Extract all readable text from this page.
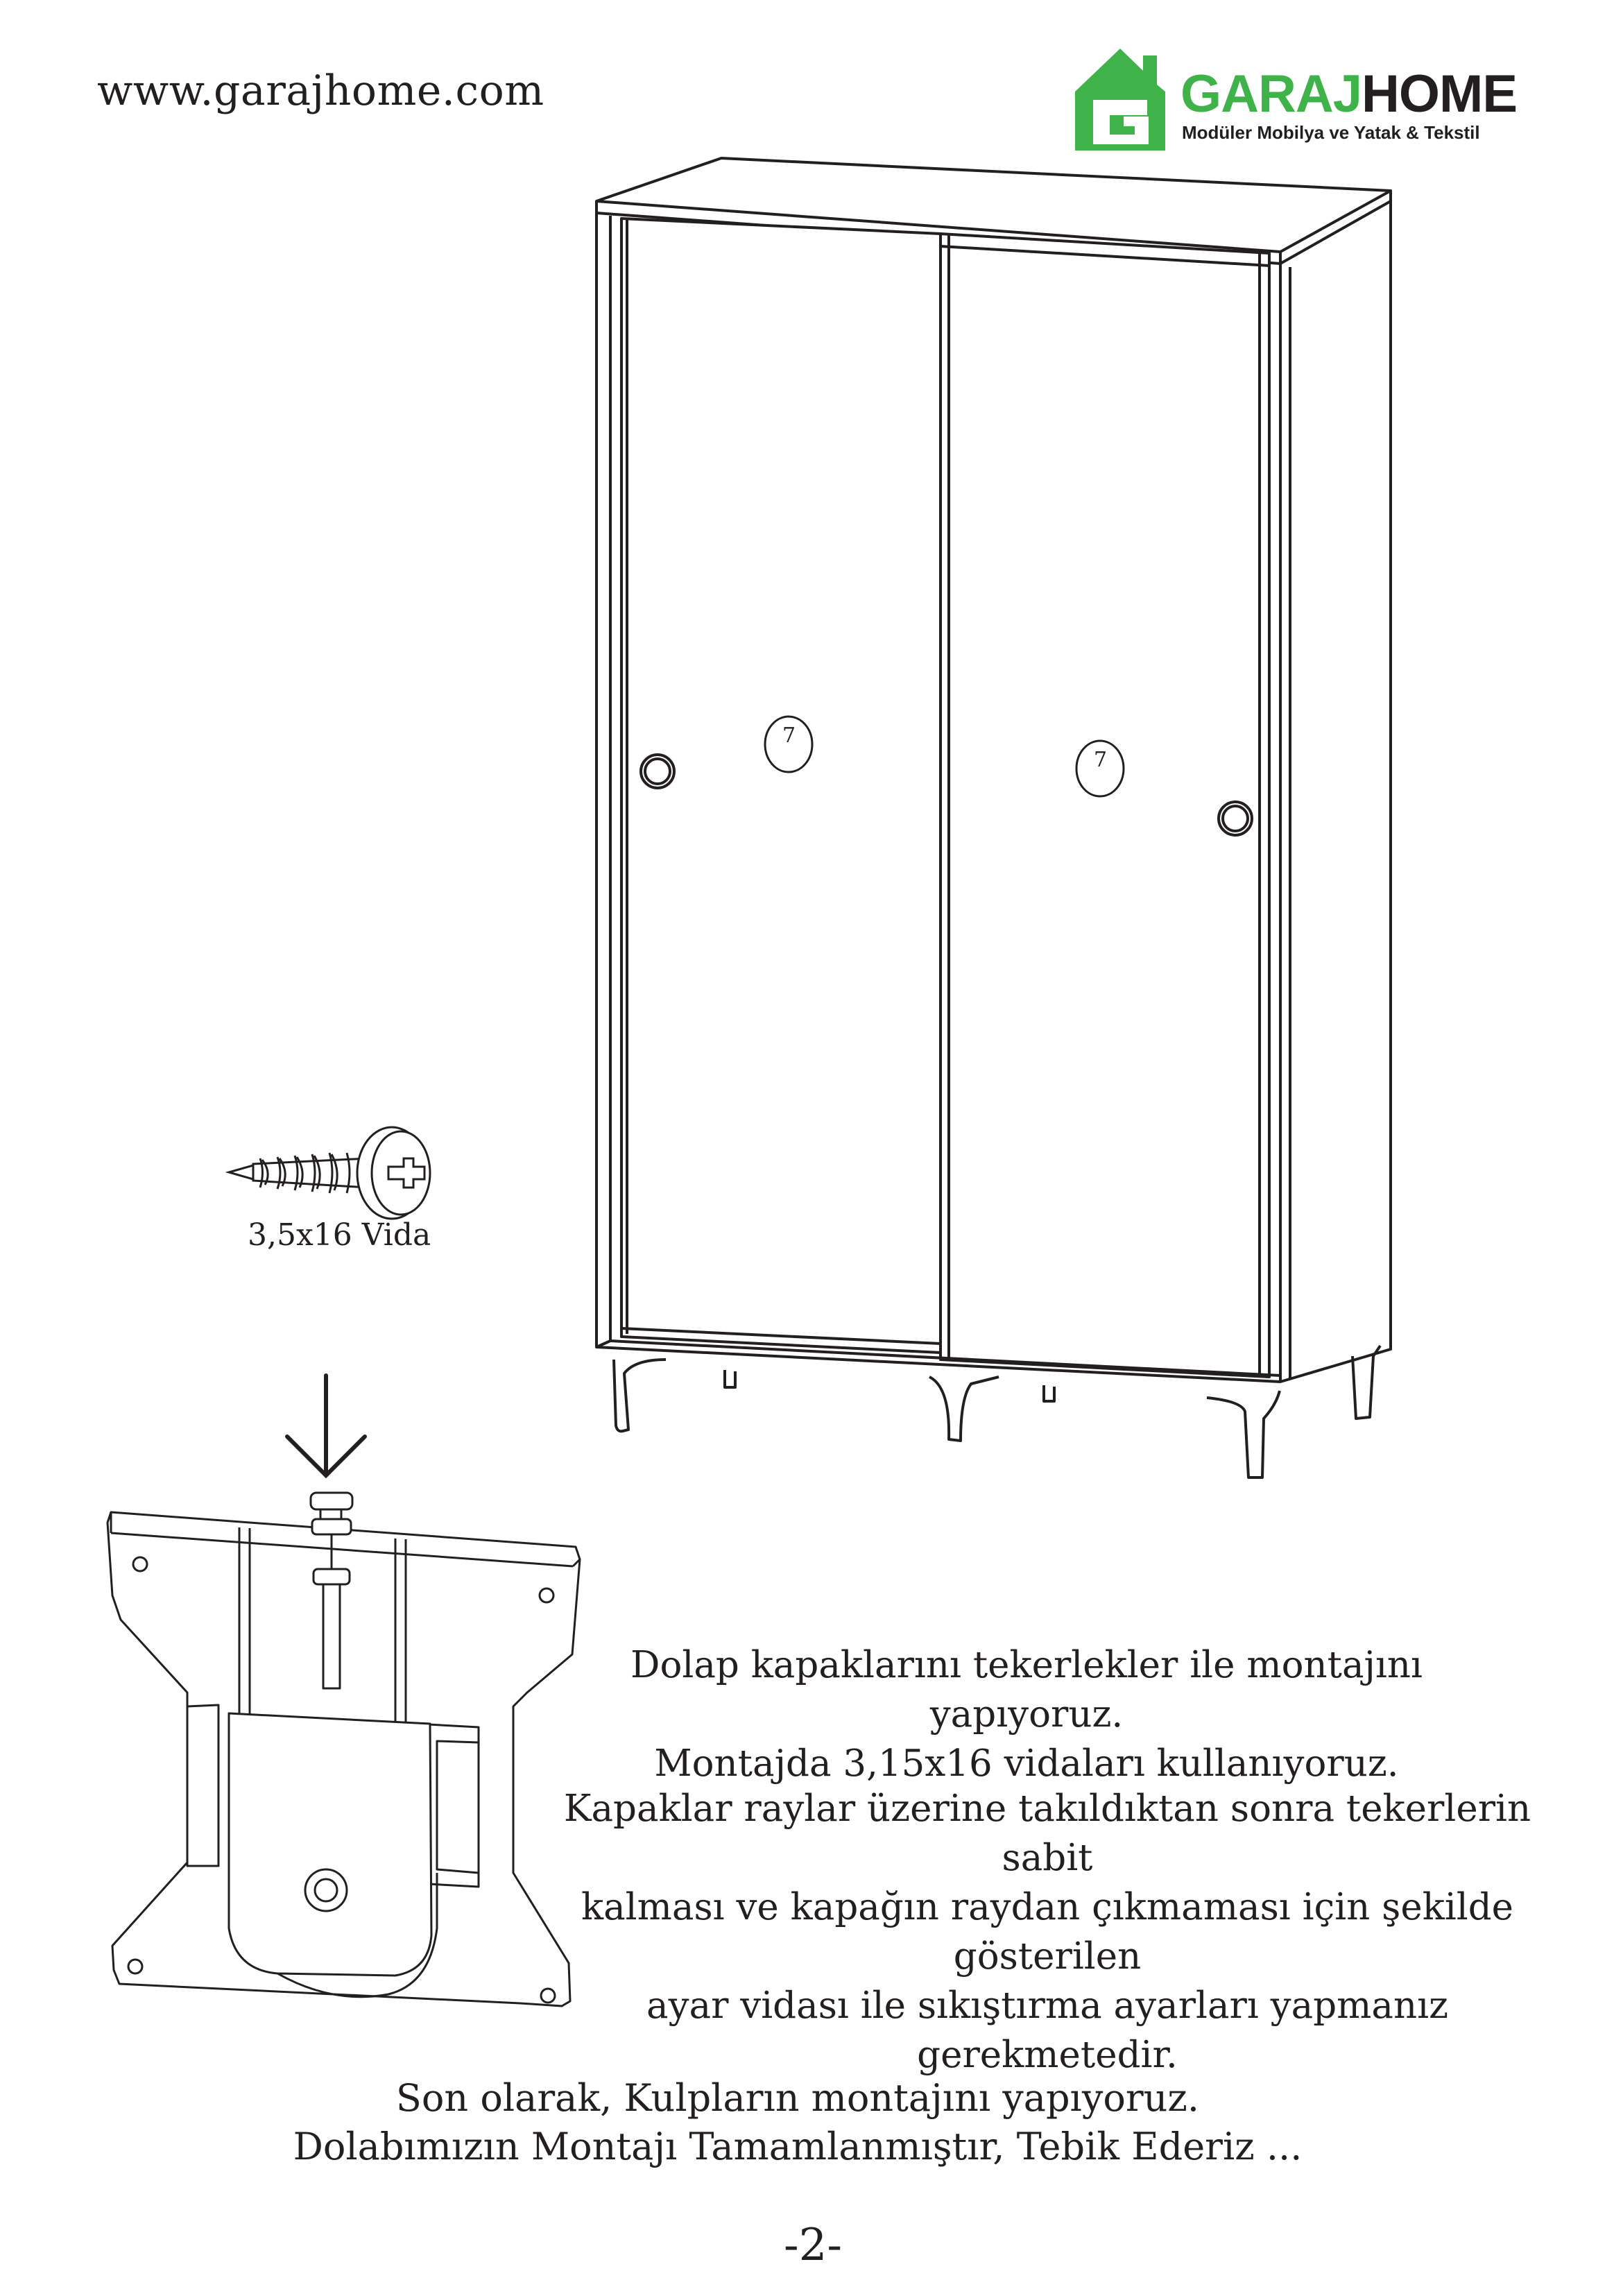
www.garajhome.com	GARAJHOME
Modüler Mobilya ve Yatak & Tekstil
7
7
3,5x16 Vida
Dolap kapaklarını tekerlekler ile montajını yapıyoruz.
Montajda 3,15x16 vidaları kullanıyoruz.
Kapaklar raylar üzerine takıldıktan sonra tekerlerin sabit
kalması ve kapağın raydan çıkmaması için şekilde gösterilen
ayar vidası ile sıkıştırma ayarları yapmanız gerekmetedir.
Son olarak, Kulpların montajını yapıyoruz.
Dolabımızın Montajı Tamamlanmıştır, Tebik Ederiz ...
-2-
